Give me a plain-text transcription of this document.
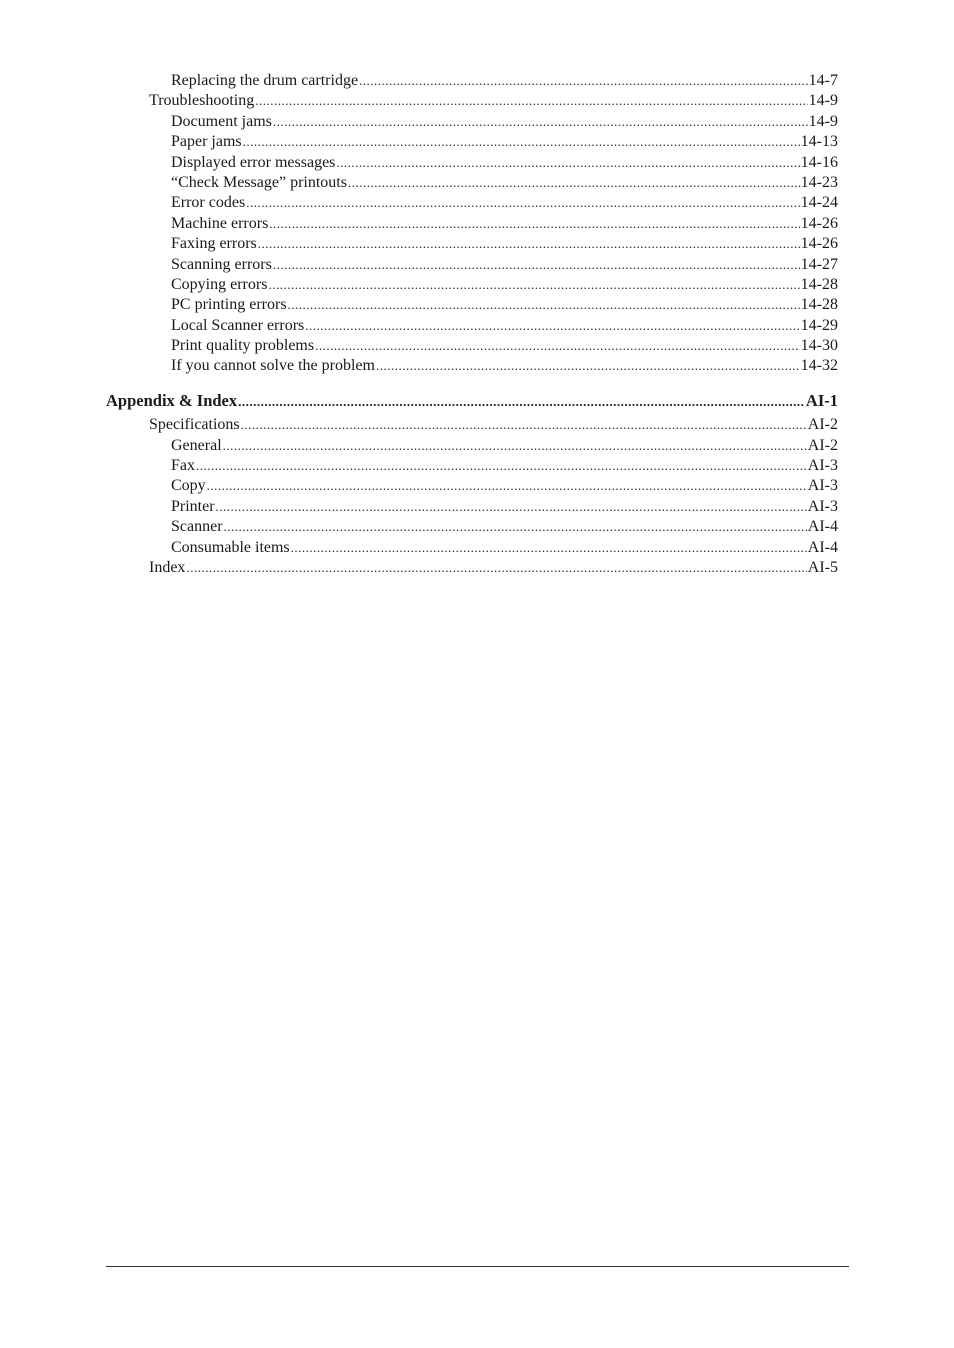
Replacing the drum cartridge .....	14-7
Troubleshooting .....	14-9
Document jams .....	14-9
Paper jams .....	14-13
Displayed error messages .....	14-16
“Check Message” printouts .....	14-23
Error codes .....	14-24
Machine errors .....	14-26
Faxing errors .....	14-26
Scanning errors .....	14-27
Copying errors .....	14-28
PC printing errors .....	14-28
Local Scanner errors .....	14-29
Print quality problems .....	14-30
If you cannot solve the problem .....	14-32
Appendix & Index .....	AI-1
Specifications .....	AI-2
General .....	AI-2
Fax .....	AI-3
Copy .....	AI-3
Printer .....	AI-3
Scanner .....	AI-4
Consumable items .....	AI-4
Index .....	AI-5
